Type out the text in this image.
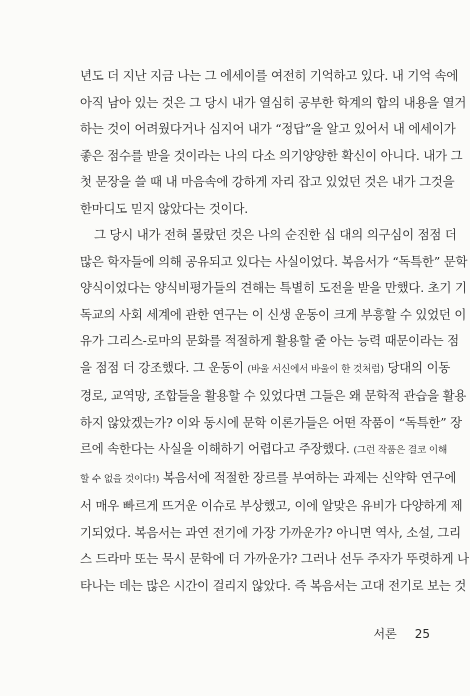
년도 더 지난 지금 나는 그 에세이를 여전히 기억하고 있다. 내 기억 속에
아직 남아 있는 것은 그 당시 내가 열심히 공부한 학계의 합의 내용을 열거
하는 것이 어려웠다거나 심지어 내가 “정답”을 알고 있어서 내 에세이가
좋은 점수를 받을 것이라는 나의 다소 의기양양한 확신이 아니다. 내가 그
첫 문장을 쓸 때 내 마음속에 강하게 자리 잡고 있었던 것은 내가 그것을
한마디도 믿지 않았다는 것이다.
그 당시 내가 전혀 몰랐던 것은 나의 순진한 십 대의 의구심이 점점 더
많은 학자들에 의해 공유되고 있다는 사실이었다. 복음서가 “독특한” 문학
양식이었다는 양식비평가들의 견해는 특별히 도전을 받을 만했다. 초기 기
독교의 사회 세계에 관한 연구는 이 신생 운동이 크게 부흥할 수 있었던 이
유가 그리스-로마의 문화를 적절하게 활용할 줄 아는 능력 때문이라는 점
을 점점 더 강조했다. 그 운동이 (바울 서신에서 바울이 한 것처럼) 당대의 이동
경로, 교역망, 조합들을 활용할 수 있었다면 그들은 왜 문학적 관습을 활용
하지 않았겠는가? 이와 동시에 문학 이론가들은 어떤 작품이 “독특한” 장
르에 속한다는 사실을 이해하기 어렵다고 주장했다. (그런 작품은 결코 이해
할 수 없을 것이다!) 복음서에 적절한 장르를 부여하는 과제는 신약학 연구에
서 매우 빠르게 뜨거운 이슈로 부상했고, 이에 알맞은 유비가 다양하게 제
기되었다. 복음서는 과연 전기에 가장 가까운가? 아니면 역사, 소설, 그리
스 드라마 또는 묵시 문학에 더 가까운가? 그러나 선두 주자가 뚜렷하게 나
타나는 데는 많은 시간이 걸리지 않았다. 즉 복음서는 고대 전기로 보는 것
서론 25
